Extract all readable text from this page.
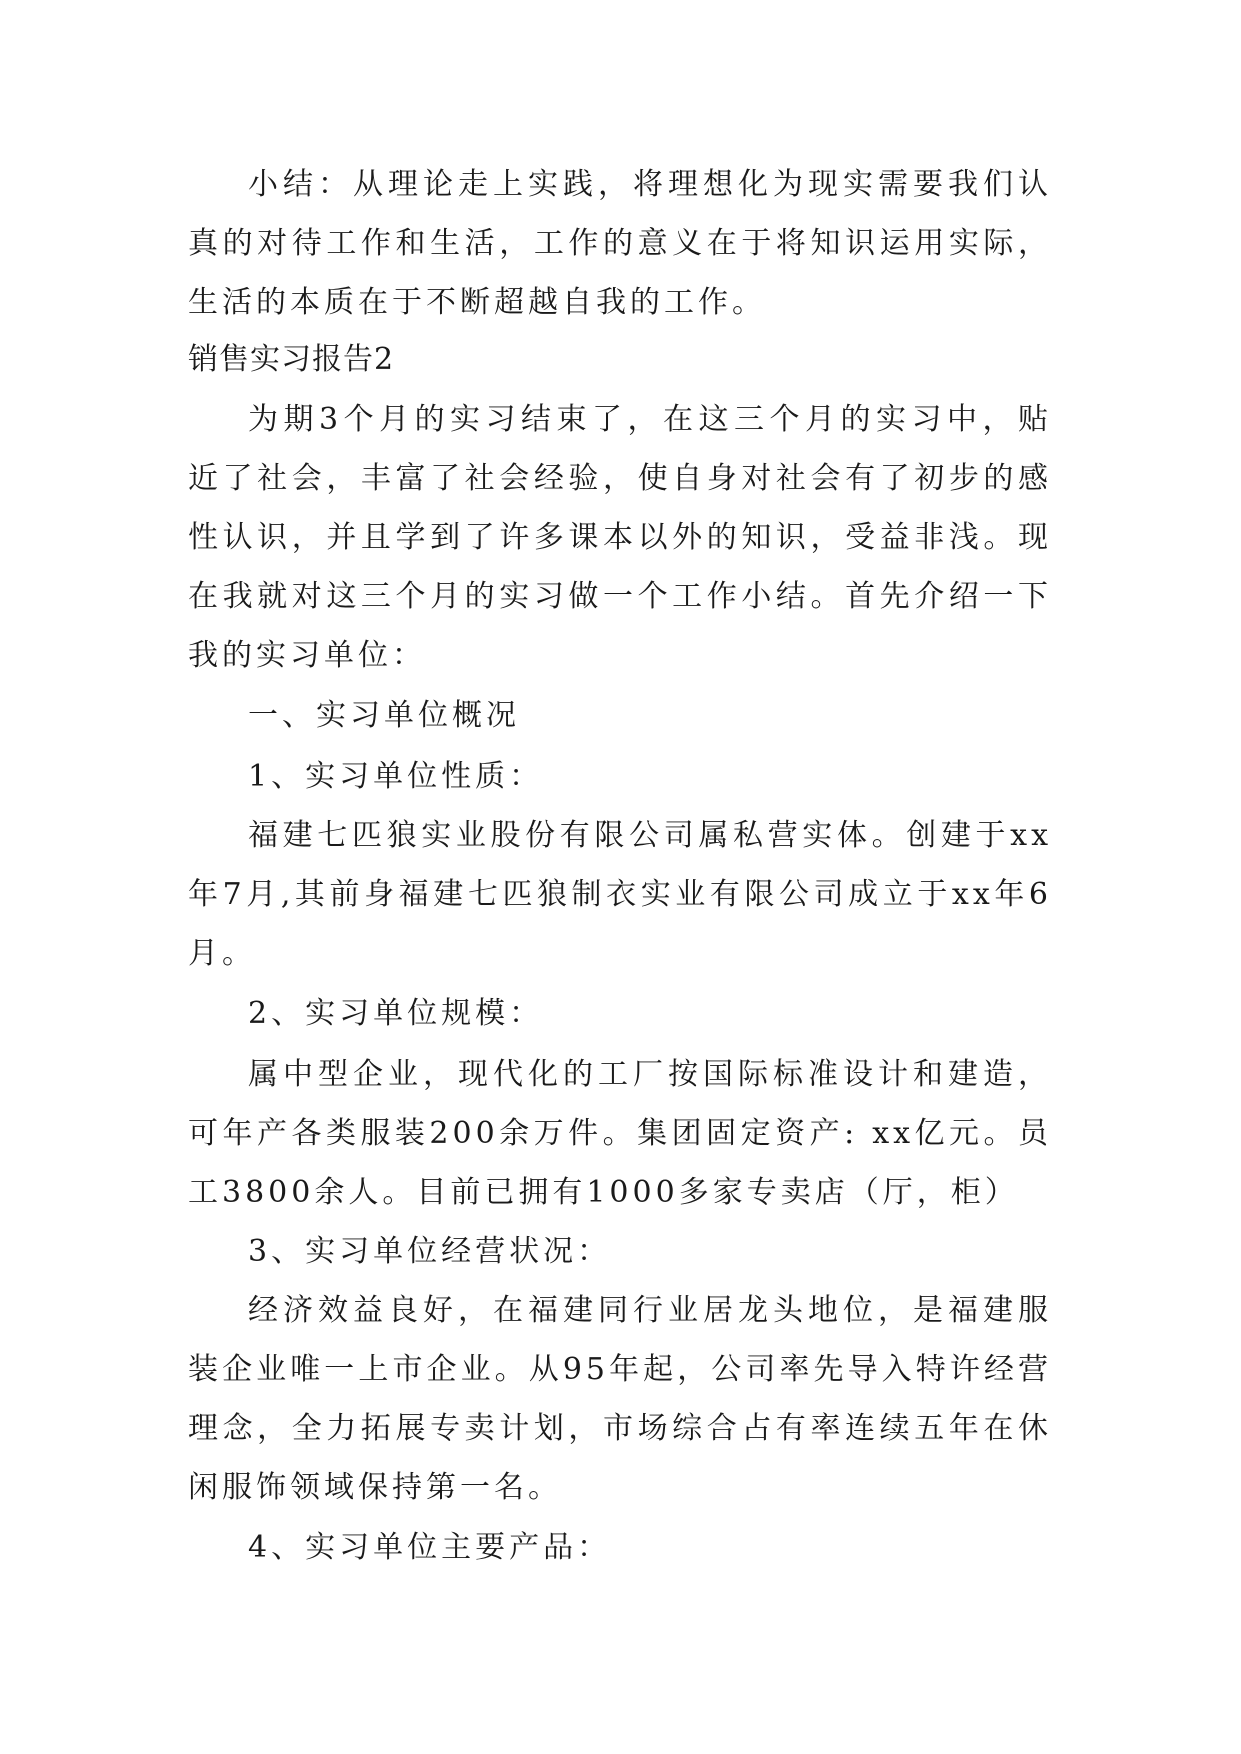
小结：从理论走上实践，将理想化为现实需要我们认真的对待工作和生活，工作的意义在于将知识运用实际，生活的本质在于不断超越自我的工作。

销售实习报告2

为期3个月的实习结束了，在这三个月的实习中，贴近了社会，丰富了社会经验，使自身对社会有了初步的感性认识，并且学到了许多课本以外的知识，受益非浅。现在我就对这三个月的实习做一个工作小结。首先介绍一下我的实习单位：

一、实习单位概况

1、实习单位性质：

福建七匹狼实业股份有限公司属私营实体。创建于xx年7月,其前身福建七匹狼制衣实业有限公司成立于xx年6月。

2、实习单位规模：

属中型企业，现代化的工厂按国际标准设计和建造，可年产各类服装200余万件。集团固定资产: xx亿元。员工3800余人。目前已拥有1000多家专卖店（厅，柜）

3、实习单位经营状况：

经济效益良好，在福建同行业居龙头地位，是福建服装企业唯一上市企业。从95年起，公司率先导入特许经营理念，全力拓展专卖计划，市场综合占有率连续五年在休闲服饰领域保持第一名。

4、实习单位主要产品：
